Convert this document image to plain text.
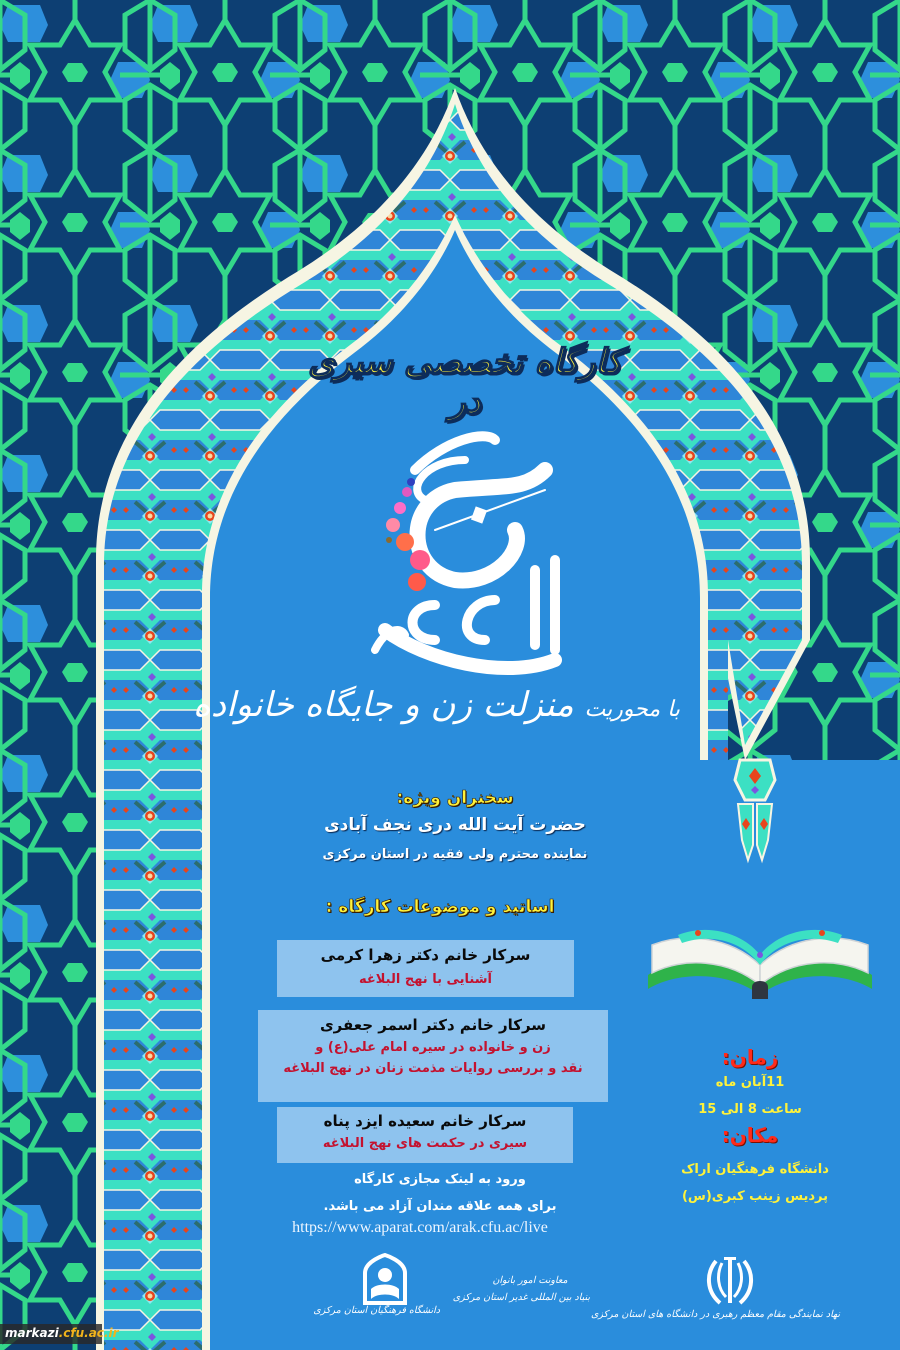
کارگاه تخصصی سیری در
با محوریت منزلت زن و جایگاه خانواده
سخنران ویژه:
حضرت آیت الله دری نجف آبادی
نماینده محترم ولی فقیه در استان مرکزی
اساتید و موضوعات کارگاه :
سرکار خانم دکتر زهرا کرمی
آشنایی با نهج البلاغه
سرکار خانم دکتر اسمر جعفری
زن و خانواده در سیره امام علی(ع) و
نقد و بررسی روایات مذمت زنان در نهج البلاغه
سرکار خانم سعیده ایزد پناه
سیری در حکمت های نهج البلاغه
ورود به لینک مجازی کارگاه
برای همه علاقه مندان آزاد می باشد.
https://www.aparat.com/arak.cfu.ac/live
زمان:
11آبان ماه
ساعت 8 الی 15
مکان:
دانشگاه فرهنگیان اراک
پردیس زینب کبری(س)
دانشگاه فرهنگیان استان مرکزی
معاونت امور بانوان
بنیاد بین المللی غدیر استان مرکزی
نهاد نمایندگی مقام معظم رهبری در دانشگاه های استان مرکزی
markazi.cfu.ac.ir
